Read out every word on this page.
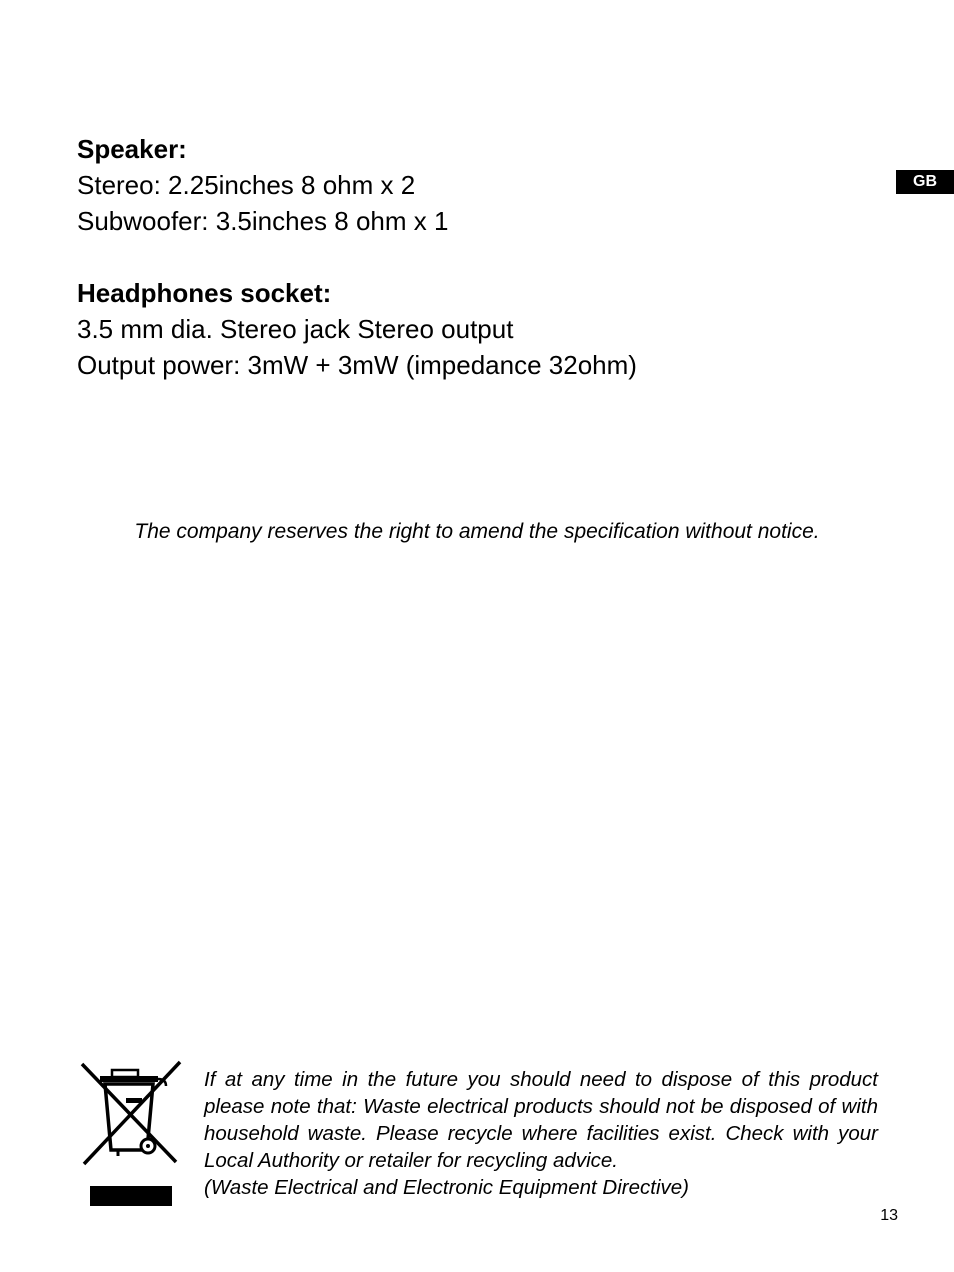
GB
Speaker:
Stereo: 2.25inches 8 ohm x 2
Subwoofer: 3.5inches 8 ohm x 1
Headphones socket:
3.5 mm dia. Stereo jack Stereo output
Output power: 3mW + 3mW (impedance 32ohm)
The company reserves the right to amend the specification without notice.
If at any time in the future you should need to dispose of this product please note that: Waste electrical products should not be disposed of with household waste. Please recycle where facilities exist. Check with your Local Authority or retailer for recycling advice.
(Waste Electrical and Electronic Equipment Directive)
13
